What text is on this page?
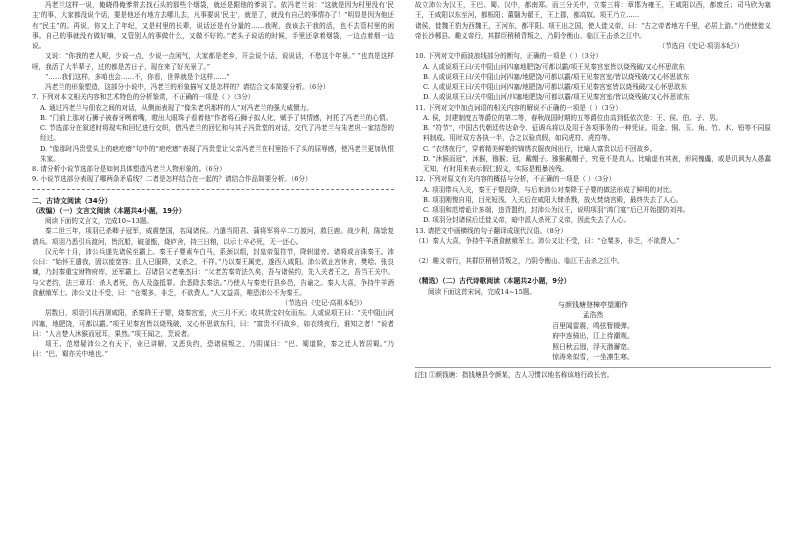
冯老兰这样一说，俺晓得俺爹常去找石头的那些个烟袋，就还是跟他的爹说了。依冯老兰说：“这就是因为村里没有‘民主’的事，大家都没说个话，要是他还有地方去哪儿去，凡事要说‘民主’，就是了，就没有自己的事情办了！”明显是因为他还有“民主”的。再说，你又上了年纪，又是村里的长辈，说话还是有分量的……我呢，我该去干我的活，也不去管村里的闲事。自己的事就没有做好嘛，又管别人的事做什么，又做不好的。”老头子说话的时候，手里还拿着烟袋，一边点着烟一边说。

又说：“你我的老人呢，少说一点，少说一点闲气，大家都是老乡，开会说个话，说说话，不愁这个年景。” “也真是这样呀，我活了大半辈子，过的都是苦日子，现在来了好光景了。”

“……我们这样，多咱也会……不，你看，世界就是个这样……”

冯老兰的形象塑造，这部分小说中，冯老兰的形象描写又是怎样的？请结合文本简要分析。（6分）

7. 下列对本文相关内容和艺术特色的分析鉴赏，不正确的一项是（ ）（3分）

A. 通过冯老兰与佃农之间的对话，从侧面表现了“像朱老巩那样的人”对冯老兰的强大威慑力。

B. “门前上那对石狮子被春牙咧着嘴，瞪出大眼珠子看着他”作者将石狮子拟人化，赋予了其情感，衬托了冯老兰的心情。

C. 节选部分在叙述时将现实和回忆进行交织，借冯老兰的回忆和与其子冯贵堂的对话，交代了冯老兰与朱老巩一家结怨的经过。

D. “像那时冯贵堂头上的疤疙瘩”句中的“疤疙瘩”表现了冯贵堂让父亲冯老兰在村里抬不了头的屈辱感，使冯老兰更加仇恨朱家。

8. 请分析小说节选部分是如何具体塑造冯老兰人物形象的。（6分）

9. 小说节选部分表现了哪两条矛盾线？二者是怎样结合在一起的？请结合作品简要分析。（6分）

二、古诗文阅读（34分）

（改编）（一）文言文阅读（本题共4小题，19分）

阅读下面的文言文，完成10~13题。

秦二世三年，项羽已杀卿子冠军，威震楚国，名闻诸侯。乃遣当阳君、蒲将军将卒二万渡河，救巨鹿。战少利，陈馀复请兵。项羽乃悉引兵渡河，皆沉船，破釜甑，烧庐舍，持三日粮，以示士卒必死，无一还心。

汉元年十月，沛公兵遂先诸侯至霸上。秦王子婴素车白马，系颈以组，封皇帝玺符节，降轵道旁。诸将或言诛秦王。沛公曰：“始怀王遣我，固以能宽容；且人已服降，又杀之，不祥。”乃以秦王属吏，遂西入咸阳。沛公欲止宫休舍，樊哙、张良谏，乃封秦重宝财物府库，还军霸上。召诸县父老豪杰曰：“父老苦秦苛法久矣，吾与诸侯约，先入关者王之，吾当王关中。与父老约，法三章耳：杀人者死，伤人及盗抵罪。余悉除去秦法。”乃使人与秦吏行县乡邑，告谕之。秦人大喜，争持牛羊酒食献飨军士。沛公又让不受，曰：“仓粟多，非乏，不欲费人。”人又益喜，唯恐沛公不为秦王。

（节选自《史记·高祖本纪》）

居数日，项羽引兵西屠咸阳，杀秦降王子婴，烧秦宫室，火三月不灭；收其货宝妇女而东。人或说项王曰：“关中阻山河四塞，地肥饶，可都以霸。”项王见秦宫皆以烧残破，又心怀思欲东归，曰：“富贵不归故乡，如衣绣夜行，谁知之者！”说者曰：“人言楚人沐猴而冠耳，果然。”项王闻之，烹说者。

项王、范增疑沛公之有天下，业已讲解，又恶负约，恐诸侯叛之，乃阴谋曰：“巴、蜀道险，秦之迁人皆居蜀。”乃曰：“巴、蜀亦关中地也。”

故立沛公为汉王，王巴、蜀、汉中，都南郑。而三分关中，立秦三将：章邯为雍王，王咸阳以西，都废丘；司马欣为塞王，王咸阳以东至河，都栎阳；董翳为翟王，王上郡，都高奴。项王乃立……

诸侯，徙魏王豹为西魏王，王河东，都平阳。项王出之国，使人徙义帝，曰：“古之帝者地方千里，必居上游。”乃使使徙义帝长沙郴县。趣义帝行，其群臣稍稍背叛之，乃阴令衡山、临江王击杀之江中。

（节选自《史记·项羽本纪》）

10. 下列对文中画波浪线部分的断句，正确的一项是（ ）（3分）

A. 人或说项王曰/关中阻山河四塞地肥饶/可都以霸/项王见秦宫室皆以烧残破/又心怀思欲东

B. 人或说项王曰/关中阻山河四塞/地肥饶/可都以霸/项王见秦宫室/皆以烧残破/又心怀思欲东

C. 人或说项王曰/关中阻山河四塞/地肥饶/可都以霸/项王见秦宫室皆以烧残破/又心怀思欲东

D. 人或说项王曰/关中阻山河/四塞地肥饶/可都以霸/项王见秦宫室/皆以烧残破/又心怀思欲东

11. 下列对文中加点词语的相关内容的解说不正确的一项是（ ）（3分）

A. 侯，封建制度五等爵位的第二等，春秋战国时期的五等爵位由高到低依次是：王、侯、伯、子、男。

B. “符节”，中国古代朝廷传达命令、征调兵将以及用于各项事务的一种凭证。用金、铜、玉、角、竹、木、铅等不同原料制成。用时双方各执一半，合之以验真假，如同虎符、虎符等。

C. “衣绣夜行”，穿着精美鲜艳的锦绣衣服夜间出行，比喻人富贵以后不回故乡。

D. “沐猴而冠”，沐猴，猕猴；冠，戴帽子。猕猴戴帽子，究竟不是真人。比喻虚有其表，形同傀儡，或是讥讽为人愚蠢无知，有时用来表示假仁假义，实际是粗暴凶残。

12. 下列对原文有关内容的概括与分析，不正确的一项是（ ）（3分）

A. 项羽带兵入关，秦王子婴投降，与后来沛公对秦降王子婴的做法形成了鲜明的对比。

B. 项羽刚愎自用，目光短浅，入关后在咸阳大肆杀戮，放火焚烧宫殿，最终失去了人心。

C. 项羽和范增诡计多端，违背盟约，封沛公为汉王，说明项羽“鸿门宴”后已开始提防刘邦。

D. 项羽分封诸侯后迁徙义帝，暗中派人杀死了义帝，因此失去了人心。

13. 请把文中画横线的句子翻译成现代汉语。（8分）

（1）秦人大喜，争持牛羊酒食献飨军士。沛公又让不受，曰：“仓粟多，非乏，不欲费人。”

（2）趣义帝行，其群臣稍稍背叛之，乃阴令衡山、临江王击杀之江中。

（精选）（二）古代诗歌阅读（本题共2小题，9分）

阅读下面这首宋词，完成14~15题。

与颜钱塘登樟亭望潮作

孟浩然

百里闻雷震，鸣弦暂辍弹。

府中连骑出，江上待潮观。

照日秋云迥，浮天渤澥宽。

惊涛来似雪，一坐凛生寒。

[注] ①颜钱塘：指钱塘县令颜某，古人习惯以地名称该地行政长官。
